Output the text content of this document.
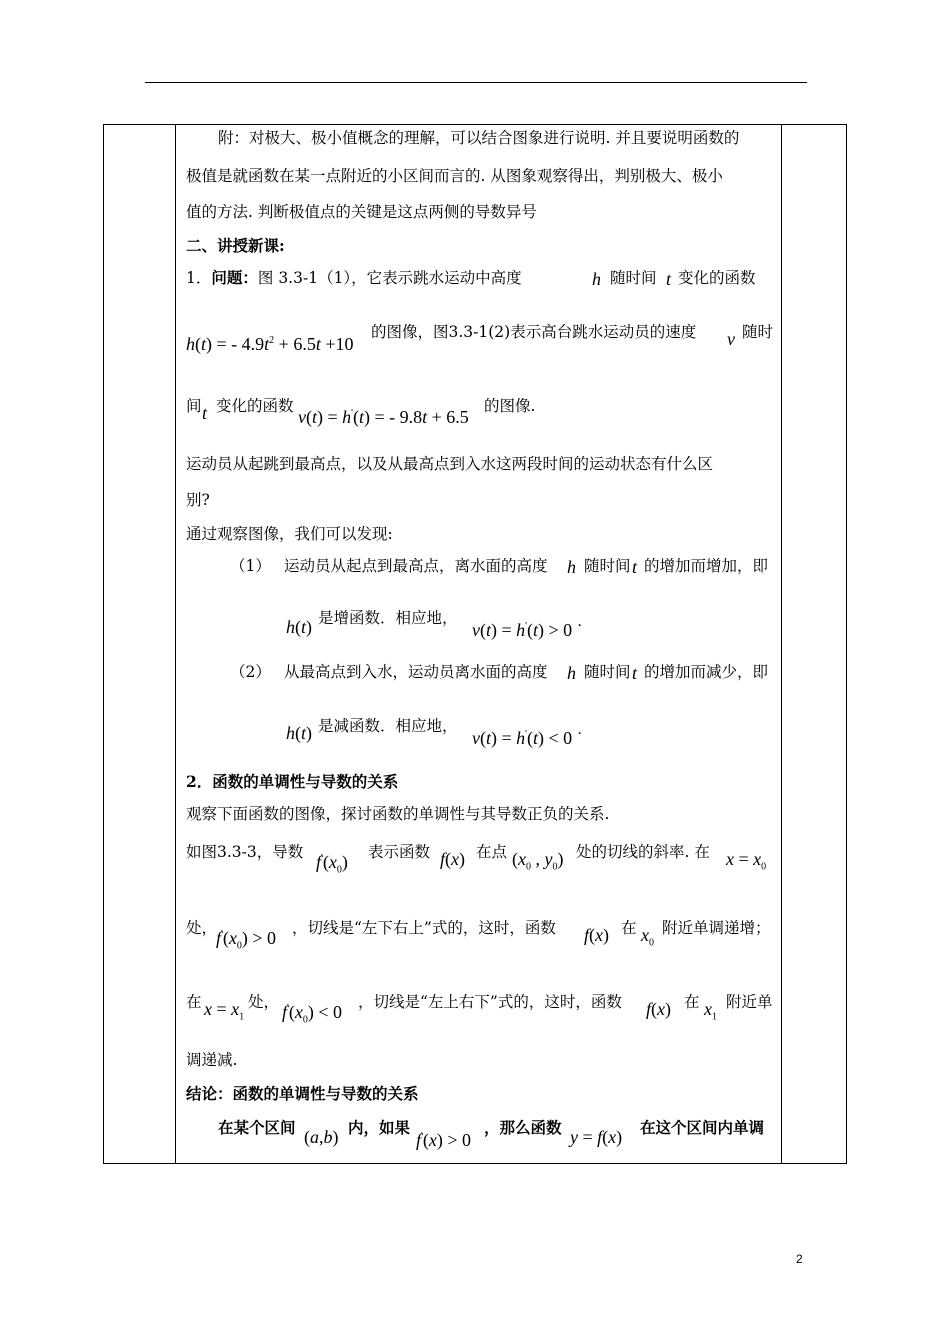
附：对极大、极小值概念的理解，可以结合图象进行说明. 并且要说明函数的
极值是就函数在某一点附近的小区间而言的. 从图象观察得出，判别极大、极小
值的方法. 判断极值点的关键是这点两侧的导数异号
二、讲授新课:
1．问题：图 3.3-1（1），它表示跳水运动中高度	h 随时间 t 变化的函数
h(t) = - $4.9t^2 + 6.5t +10$
的图像，图3.3-1(2)表示高台跳水运动员的速度 v 随时
间 t 变化的函数
v(t) = h'(t) = - 9.8t + 6.5
的图像.
运动员从起跳到最高点，以及从最高点到入水这两段时间的运动状态有什么区
别?
通过观察图像，我们可以发现:
（1） 运动员从起点到最高点，离水面的高度 h 随时间 t 的增加而增加，即
h(t) 是增函数．相应地，
v(t) = h'(t) > 0 ˙
（2） 从最高点到入水，运动员离水面的高度 h 随时间 t 的增加而减少，即
h(t) 是减函数．相应地，
v(t) = h'(t) < 0 ˙
2．函数的单调性与导数的关系
观察下面函数的图像，探讨函数的单调性与其导数正负的关系.
如图3.3-3，导数 $f'(x_0)$ 表示函数 f(x) 在点 ($x_0$ , $y_0$) 处的切线的斜率. 在 $x = x_0$
处，
$f'(x_0) > 0$ ，切线是“左下右上”式的，这时，函数 f(x) 在 $x_0$
附近单调递增；
在 $x = x_1$
处， $f'(x_0) < 0$ ，切线是“左上右下”式的，这时，函数 f(x) 在 $x_1$
附近单
调递减.
结论：函数的单调性与导数的关系
在某个区间 (a,b) 内，如果
f'(x) > 0
，那么函数 y = f(x) 在这个区间内单调
2
